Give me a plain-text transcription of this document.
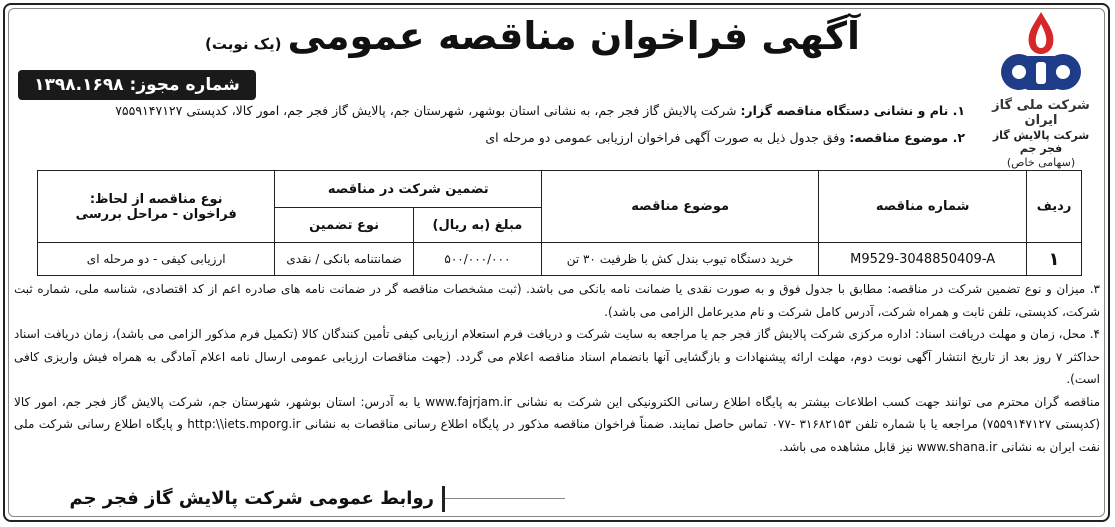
شرکت ملی گاز ایران
شرکت پالایش گاز فجر جم
(سهامی خاص)
آگهی فراخوان مناقصه عمومی(یک نوبت)
شماره مجوز: ۱۳۹۸.۱۶۹۸
۱. نام و نشانی دستگاه مناقصه گزار: شرکت پالایش گاز فجر جم، به نشانی استان بوشهر، شهرستان جم، پالایش گاز فجر جم، امور کالا، کدپستی ۷۵۵۹۱۴۷۱۲۷
۲. موضوع مناقصه: وفق جدول ذیل به صورت آگهی فراخوان ارزیابی عمومی دو مرحله ای
ردیف	شماره مناقصه	موضوع مناقصه	تضمین شرکت در مناقصه		نوع مناقصه از لحاظ:
فراخوان - مراحل بررسی

			مبلغ (به ریال)	نوع تضمین	
۱	M9529-3048850409-A	خرید دستگاه تیوب بندل کش با ظرفیت ۳۰ تن	۵۰۰/۰۰۰/۰۰۰	ضمانتنامه بانکی / نقدی	ارزیابی کیفی - دو مرحله ای

۳. میزان و نوع تضمین شرکت در مناقصه: مطابق با جدول فوق و به صورت نقدی یا ضمانت نامه بانکی می باشد. (ثبت مشخصات مناقصه گر در ضمانت نامه های صادره اعم از کد اقتصادی، شناسه ملی، شماره ثبت شرکت، کدپستی، تلفن ثابت و همراه شرکت، آدرس کامل شرکت و نام مدیرعامل الزامی می باشد).

۴. محل، زمان و مهلت دریافت اسناد: اداره مرکزی شرکت پالایش گاز فجر جم یا مراجعه به سایت شرکت و دریافت فرم استعلام ارزیابی کیفی تأمین کنندگان کالا (تکمیل فرم مذکور الزامی می باشد)، زمان دریافت اسناد حداکثر ۷ روز بعد از تاریخ انتشار آگهی نوبت دوم، مهلت ارائه پیشنهادات و بازگشایی آنها بانضمام اسناد مناقصه اعلام می گردد. (جهت مناقصات ارزیابی عمومی ارسال نامه اعلام آمادگی به همراه فیش واریزی کافی است).

مناقصه گران محترم می توانند جهت کسب اطلاعات بیشتر به پایگاه اطلاع رسانی الکترونیکی این شرکت به نشانی www.fajrjam.ir یا به آدرس: استان بوشهر، شهرستان جم، شرکت پالایش گاز فجر جم، امور کالا (کدپستی ۷۵۵۹۱۴۷۱۲۷) مراجعه یا با شماره تلفن ۳۱۶۸۲۱۵۳ -۰۷۷ تماس حاصل نمایند. ضمناً فراخوان مناقصه مذکور در پایگاه اطلاع رسانی مناقصات به نشانی http:\\iets.mporg.ir و پایگاه اطلاع رسانی شرکت ملی نفت ایران به نشانی www.shana.ir نیز قابل مشاهده می باشد.

روابط عمومی شرکت پالایش گاز فجر جم
